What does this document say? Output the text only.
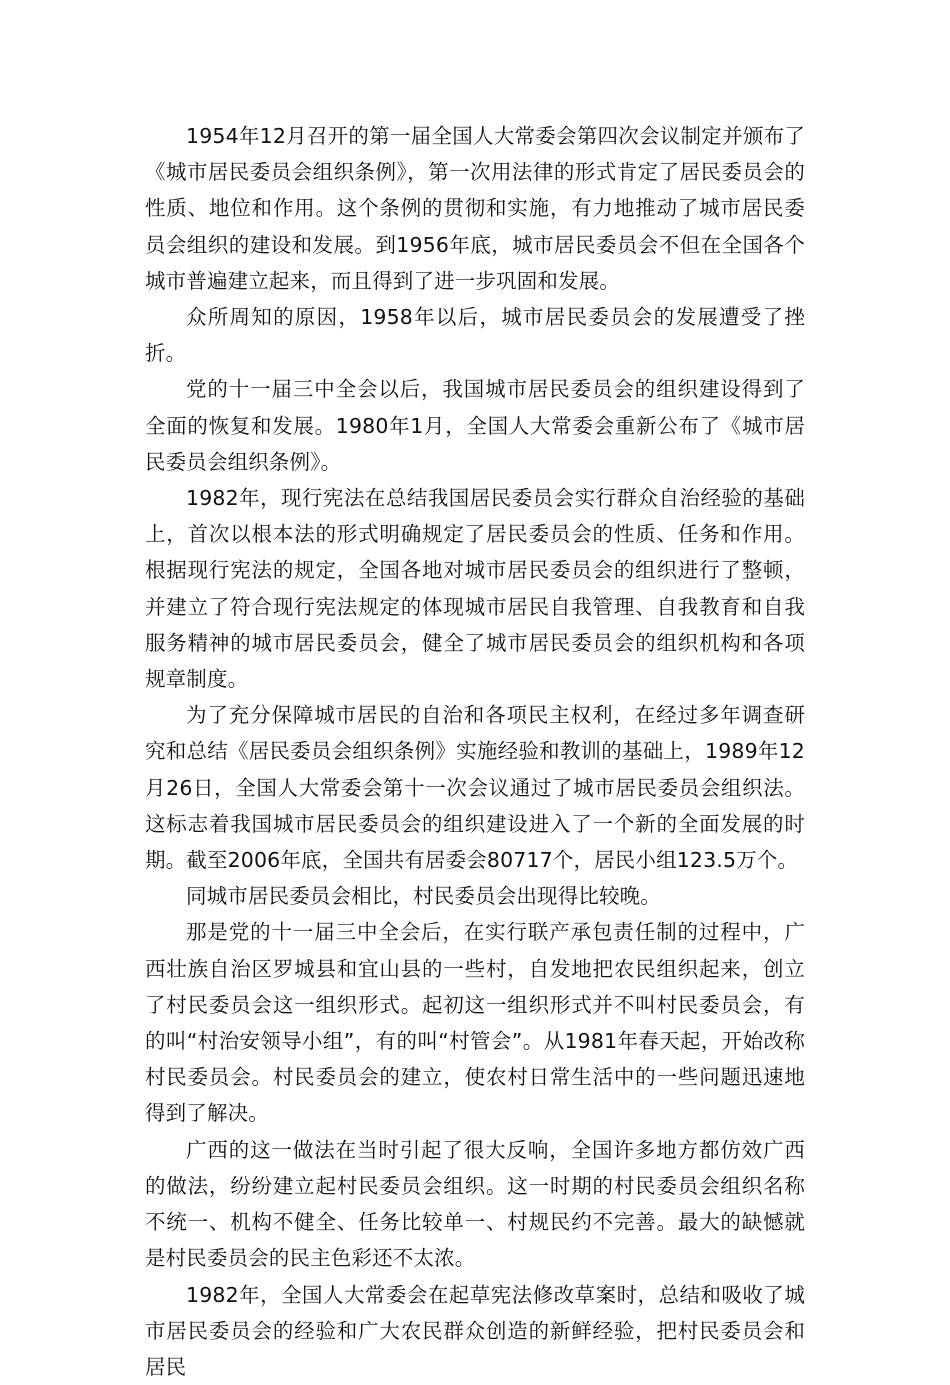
1954年12月召开的第一届全国人大常委会第四次会议制定并颁布了《城市居民委员会组织条例》，第一次用法律的形式肯定了居民委员会的性质、地位和作用。这个条例的贯彻和实施，有力地推动了城市居民委员会组织的建设和发展。到1956年底，城市居民委员会不但在全国各个城市普遍建立起来，而且得到了进一步巩固和发展。

众所周知的原因，1958年以后，城市居民委员会的发展遭受了挫折。

党的十一届三中全会以后，我国城市居民委员会的组织建设得到了全面的恢复和发展。1980年1月，全国人大常委会重新公布了《城市居民委员会组织条例》。

1982年，现行宪法在总结我国居民委员会实行群众自治经验的基础上，首次以根本法的形式明确规定了居民委员会的性质、任务和作用。根据现行宪法的规定，全国各地对城市居民委员会的组织进行了整顿，并建立了符合现行宪法规定的体现城市居民自我管理、自我教育和自我服务精神的城市居民委员会，健全了城市居民委员会的组织机构和各项规章制度。

为了充分保障城市居民的自治和各项民主权利，在经过多年调查研究和总结《居民委员会组织条例》实施经验和教训的基础上，1989年12月26日，全国人大常委会第十一次会议通过了城市居民委员会组织法。这标志着我国城市居民委员会的组织建设进入了一个新的全面发展的时期。截至2006年底，全国共有居委会80717个，居民小组123.5万个。

同城市居民委员会相比，村民委员会出现得比较晚。

那是党的十一届三中全会后，在实行联产承包责任制的过程中，广西壮族自治区罗城县和宜山县的一些村，自发地把农民组织起来，创立了村民委员会这一组织形式。起初这一组织形式并不叫村民委员会，有的叫“村治安领导小组”，有的叫“村管会”。从1981年春天起，开始改称村民委员会。村民委员会的建立，使农村日常生活中的一些问题迅速地得到了解决。

广西的这一做法在当时引起了很大反响，全国许多地方都仿效广西的做法，纷纷建立起村民委员会组织。这一时期的村民委员会组织名称不统一、机构不健全、任务比较单一、村规民约不完善。最大的缺憾就是村民委员会的民主色彩还不太浓。

1982年，全国人大常委会在起草宪法修改草案时，总结和吸收了城市居民委员会的经验和广大农民群众创造的新鲜经验，把村民委员会和居民
